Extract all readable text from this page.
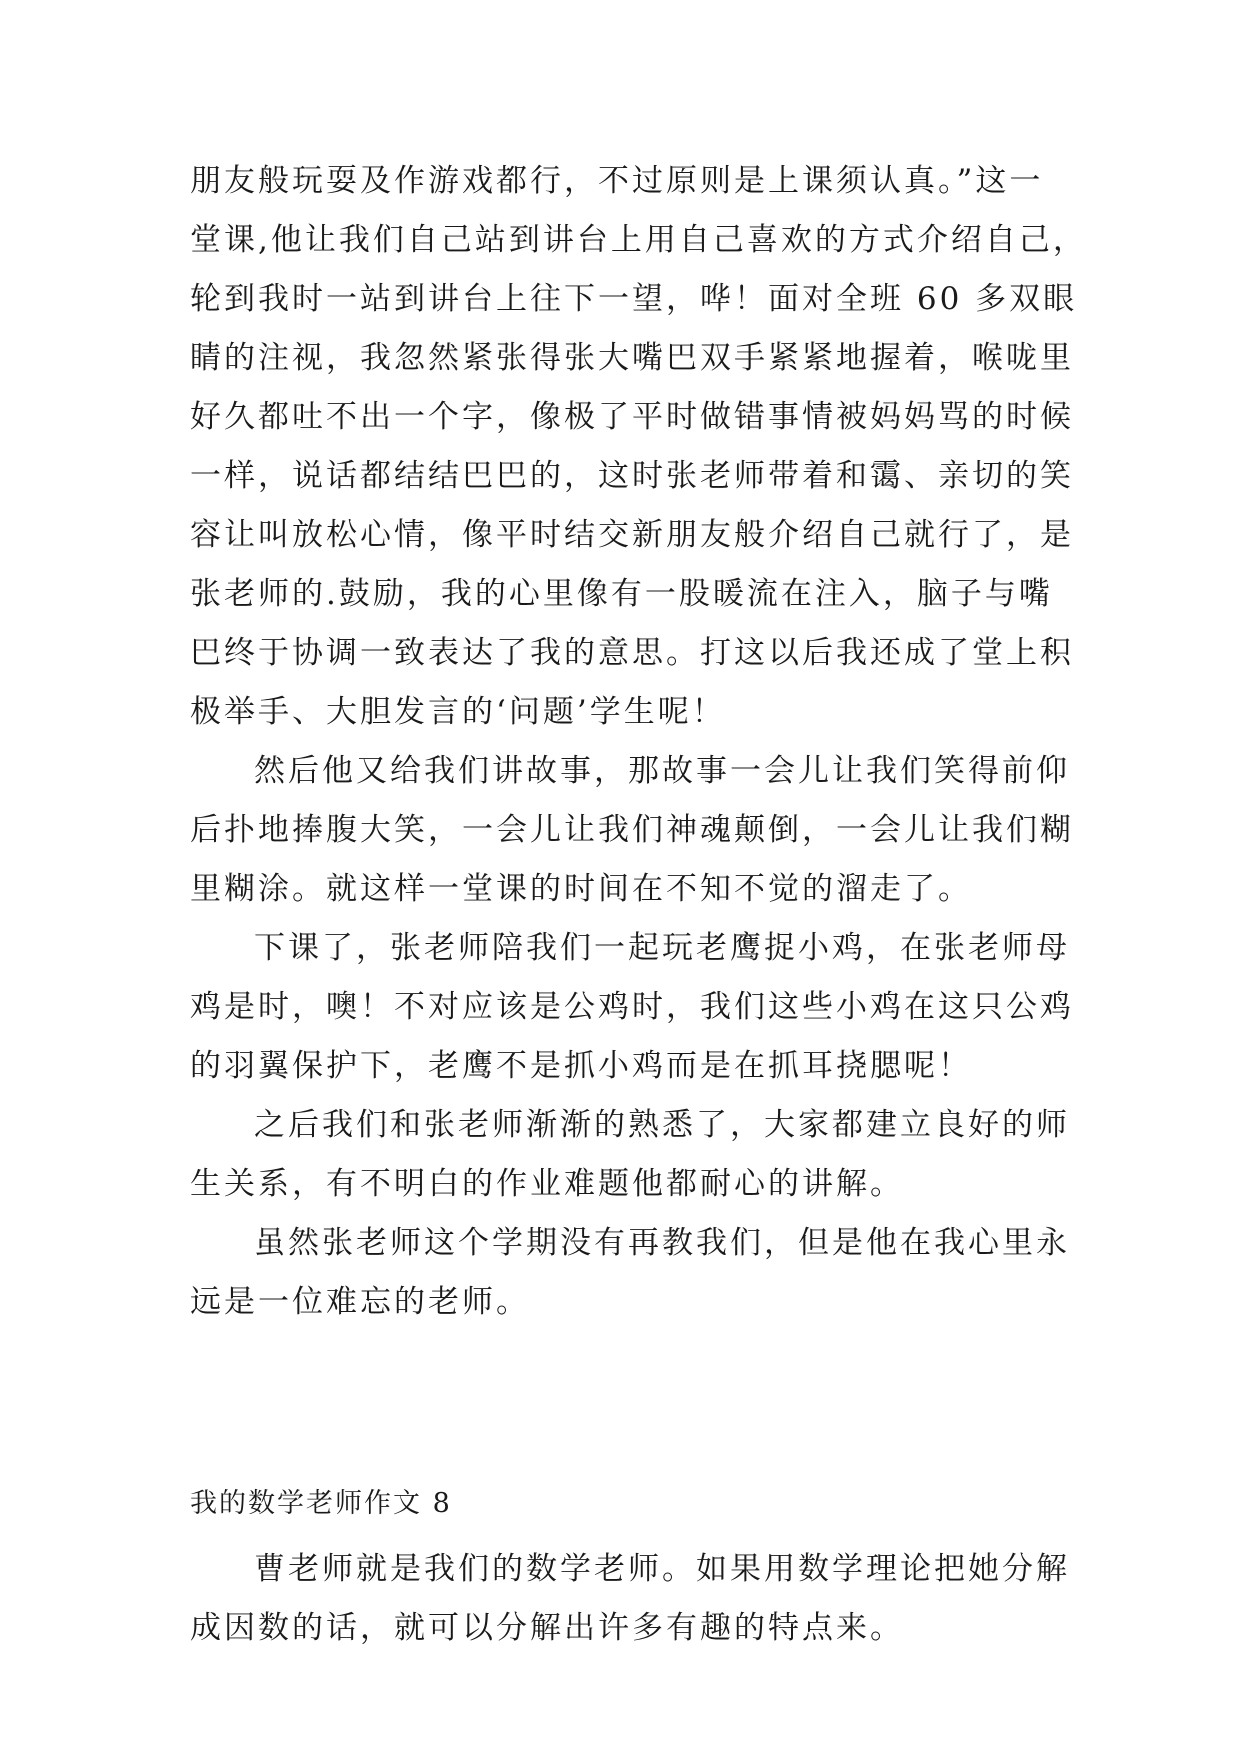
朋友般玩耍及作游戏都行，不过原则是上课须认真。”这一
堂课,他让我们自己站到讲台上用自己喜欢的方式介绍自己，
轮到我时一站到讲台上往下一望，哗！面对全班 60 多双眼
睛的注视，我忽然紧张得张大嘴巴双手紧紧地握着，喉咙里
好久都吐不出一个字，像极了平时做错事情被妈妈骂的时候
一样，说话都结结巴巴的，这时张老师带着和霭、亲切的笑
容让叫放松心情，像平时结交新朋友般介绍自己就行了，是
张老师的.鼓励，我的心里像有一股暖流在注入，脑子与嘴
巴终于协调一致表达了我的意思。打这以后我还成了堂上积
极举手、大胆发言的‘问题’学生呢！
然后他又给我们讲故事，那故事一会儿让我们笑得前仰
后扑地捧腹大笑，一会儿让我们神魂颠倒，一会儿让我们糊
里糊涂。就这样一堂课的时间在不知不觉的溜走了。
下课了，张老师陪我们一起玩老鹰捉小鸡，在张老师母
鸡是时，噢！不对应该是公鸡时，我们这些小鸡在这只公鸡
的羽翼保护下，老鹰不是抓小鸡而是在抓耳挠腮呢！
之后我们和张老师渐渐的熟悉了，大家都建立良好的师
生关系，有不明白的作业难题他都耐心的讲解。
虽然张老师这个学期没有再教我们，但是他在我心里永
远是一位难忘的老师。
我的数学老师作文 8
曹老师就是我们的数学老师。如果用数学理论把她分解
成因数的话，就可以分解出许多有趣的特点来。
